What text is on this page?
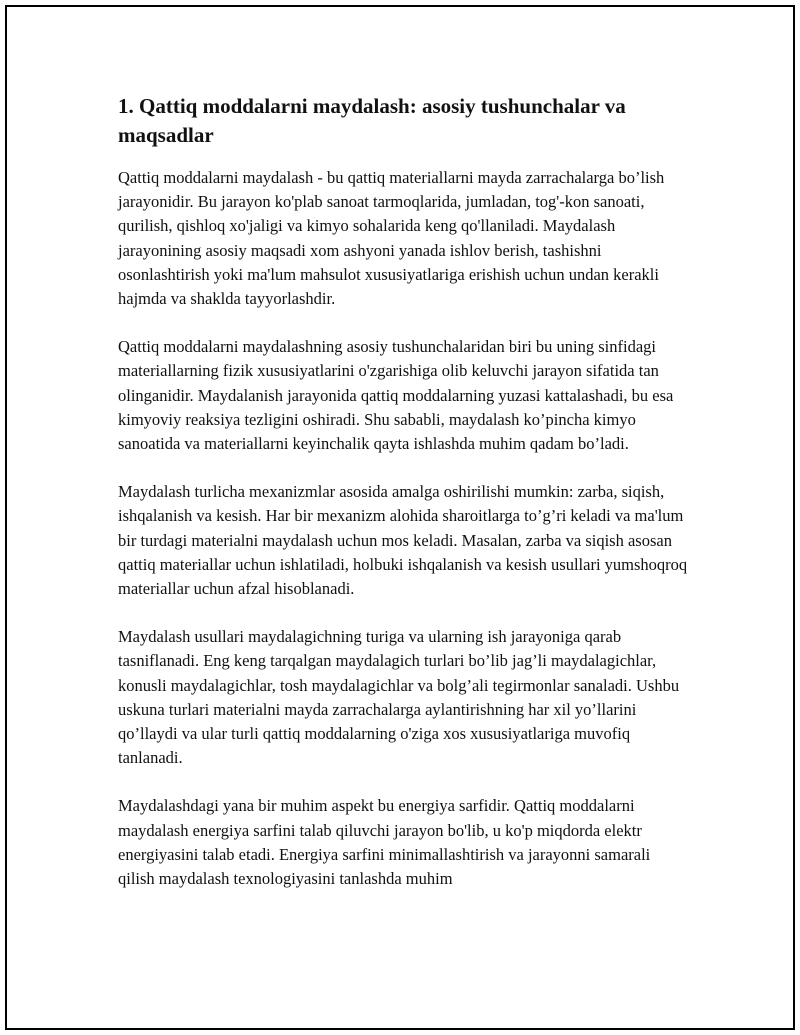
1. Qattiq moddalarni maydalash: asosiy tushunchalar va maqsadlar

Qattiq moddalarni maydalash - bu qattiq materiallarni mayda zarrachalarga bo’lish jarayonidir. Bu jarayon ko'plab sanoat tarmoqlarida, jumladan, tog'-kon sanoati, qurilish, qishloq xo'jaligi va kimyo sohalarida keng qo'llaniladi. Maydalash jarayonining asosiy maqsadi xom ashyoni yanada ishlov berish, tashishni osonlashtirish yoki ma'lum mahsulot xususiyatlariga erishish uchun undan kerakli hajmda va shaklda tayyorlashdir.

Qattiq moddalarni maydalashning asosiy tushunchalaridan biri bu uning sinfidagi materiallarning fizik xususiyatlarini o'zgarishiga olib keluvchi jarayon sifatida tan olinganidir. Maydalanish jarayonida qattiq moddalarning yuzasi kattalashadi, bu esa kimyoviy reaksiya tezligini oshiradi. Shu sababli, maydalash ko’pincha kimyo sanoatida va materiallarni keyinchalik qayta ishlashda muhim qadam bo’ladi.

Maydalash turlicha mexanizmlar asosida amalga oshirilishi mumkin: zarba, siqish, ishqalanish va kesish. Har bir mexanizm alohida sharoitlarga to’g’ri keladi va ma'lum bir turdagi materialni maydalash uchun mos keladi. Masalan, zarba va siqish asosan qattiq materiallar uchun ishlatiladi, holbuki ishqalanish va kesish usullari yumshoqroq materiallar uchun afzal hisoblanadi.

Maydalash usullari maydalagichning turiga va ularning ish jarayoniga qarab tasniflanadi. Eng keng tarqalgan maydalagich turlari bo’lib jag’li maydalagichlar, konusli maydalagichlar, tosh maydalagichlar va bolg’ali tegirmonlar sanaladi. Ushbu uskuna turlari materialni mayda zarrachalarga aylantirishning har xil yo’llarini qo’llaydi va ular turli qattiq moddalarning o'ziga xos xususiyatlariga muvofiq tanlanadi.

Maydalashdagi yana bir muhim aspekt bu energiya sarfidir. Qattiq moddalarni maydalash energiya sarfini talab qiluvchi jarayon bo'lib, u ko'p miqdorda elektr energiyasini talab etadi. Energiya sarfini minimallashtirish va jarayonni samarali qilish maydalash texnologiyasini tanlashda muhim
